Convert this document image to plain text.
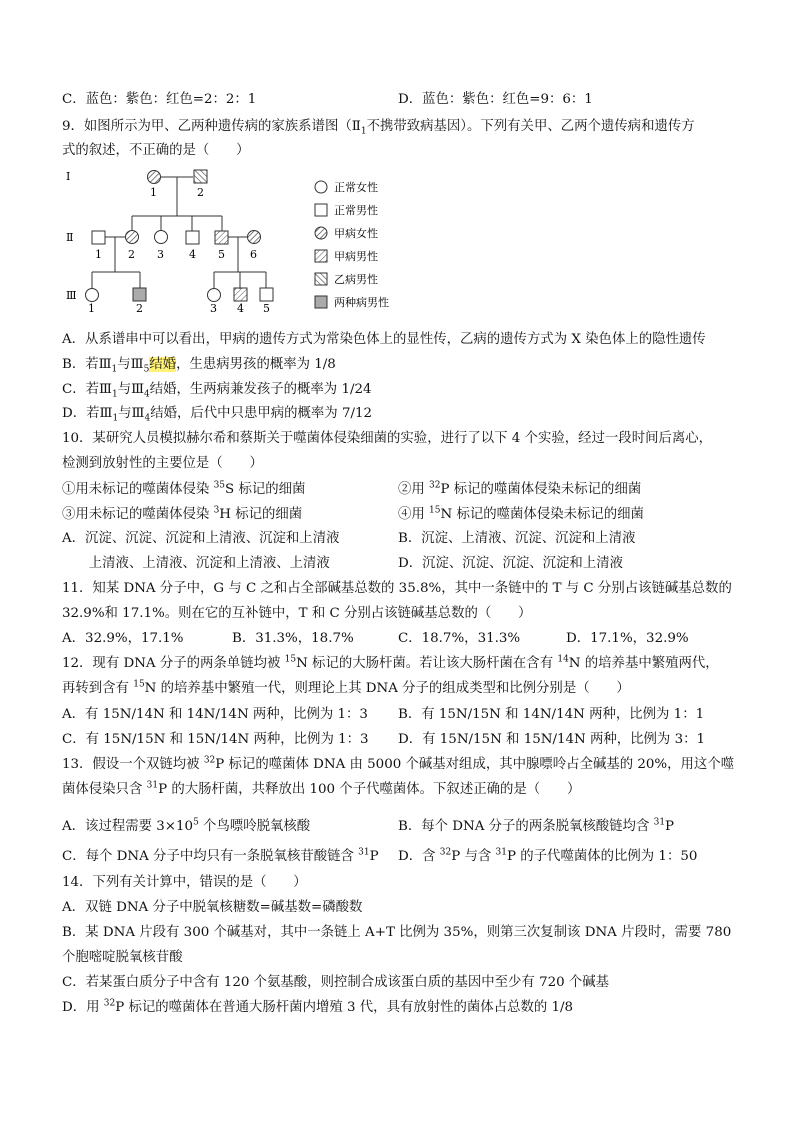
C．蓝色：紫色：红色=2：2：1	D．蓝色：紫色：红色=9：6：1
9．如图所示为甲、乙两种遗传病的家族系谱图（$Ⅱ_1$不携带致病基因）。下列有关甲、乙两个遗传病和遗传方
式的叙述，不正确的是（　　）
Ⅰ
Ⅱ
Ⅲ
1	2
1 2 3 4 5 6
1	2	3 4 5
正常女性
正常男性
甲病女性
甲病男性
乙病男性
两种病男性
A．从系谱串中可以看出，甲病的遗传方式为常染色体上的显性传，乙病的遗传方式为 X 染色体上的隐性遗传
B．若$Ⅲ_1$与$Ⅲ_5$结婚，生患病男孩的概率为 1/8
C．若$Ⅲ_1$与$Ⅲ_4$结婚，生两病兼发孩子的概率为 1/24
D．若$Ⅲ_1$与$Ⅲ_4$结婚，后代中只患甲病的概率为 7/12
10．某研究人员模拟赫尔希和蔡斯关于噬菌体侵染细菌的实验，进行了以下 4 个实验，经过一段时间后离心，
检测到放射性的主要位是（　　）
①用未标记的噬菌体侵染 $^{35}$S 标记的细菌	②用 $^{32}$P 标记的噬菌体侵染未标记的细菌
③用未标记的噬菌体侵染 $^3$H 标记的细菌	④用 $^{15}$N 标记的噬菌体侵染未标记的细菌
A．沉淀、沉淀、沉淀和上清液、沉淀和上清液	B．沉淀、上清液、沉淀、沉淀和上清液
　　上清液、上清液、沉淀和上清液、上清液	D．沉淀、沉淀、沉淀、沉淀和上清液
11．知某 DNA 分子中，G 与 C 之和占全部碱基总数的 35.8%，其中一条链中的 T 与 C 分别占该链碱基总数的
32.9%和 17.1%。则在它的互补链中，T 和 C 分别占该链碱基总数的（　　）
A．32.9%，17.1%	B．31.3%，18.7%	C．18.7%，31.3%	D．17.1%，32.9%
12．现有 DNA 分子的两条单链均被 $^{15}$N 标记的大肠杆菌。若让该大肠杆菌在含有 $^{14}$N 的培养基中繁殖两代，
再转到含有 $^{15}$N 的培养基中繁殖一代，则理论上其 DNA 分子的组成类型和比例分别是（　　）
A．有 15N/14N 和 14N/14N 两种，比例为 1：3 B．有 15N/15N 和 14N/14N 两种，比例为 1：1
C．有 15N/15N 和 15N/14N 两种，比例为 1：3 D．有 15N/15N 和 15N/14N 两种，比例为 3：1
13．假设一个双链均被 $^{32}$P 标记的噬菌体 DNA 由 5000 个碱基对组成，其中腺嘌呤占全碱基的 20%，用这个噬
菌体侵染只含 $^{31}$P 的大肠杆菌，共释放出 100 个子代噬菌体。下叙述正确的是（　　）
A．该过程需要 $3\times 10^5$ 个鸟嘌呤脱氧核酸	B．每个 DNA 分子的两条脱氧核酸链均含 $^{31}$P
C．每个 DNA 分子中均只有一条脱氧核苷酸链含 $^{31}$P D．含 $^{32}$P 与含 $^{31}$P 的子代噬菌体的比例为 1：50
14．下列有关计算中，错误的是（　　）
A．双链 DNA 分子中脱氧核糖数=碱基数=磷酸数
B．某 DNA 片段有 300 个碱基对，其中一条链上 A+T 比例为 35%，则第三次复制该 DNA 片段时，需要 780
个胞嘧啶脱氧核苷酸
C．若某蛋白质分子中含有 120 个氨基酸，则控制合成该蛋白质的基因中至少有 720 个碱基
D．用 $^{32}$P 标记的噬菌体在普通大肠杆菌内增殖 3 代，具有放射性的菌体占总数的 1/8
